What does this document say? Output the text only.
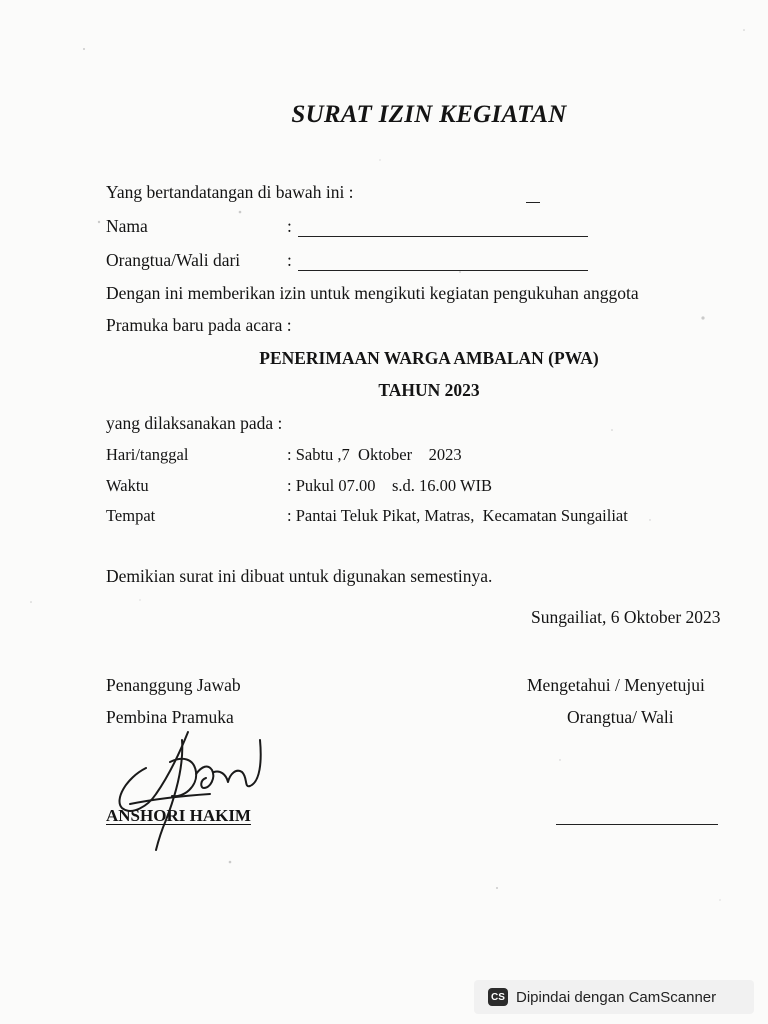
SURAT IZIN KEGIATAN
Yang bertandatangan di bawah ini :
Nama	:
Orangtua/Wali dari	:
Dengan ini memberikan izin untuk mengikuti kegiatan pengukuhan anggota
Pramuka baru pada acara :
PENERIMAAN WARGA AMBALAN (PWA)
TAHUN 2023
yang dilaksanakan pada :
Hari/tanggal	: Sabtu ,7  Oktober    2023
Waktu	: Pukul 07.00    s.d. 16.00 WIB
Tempat	: Pantai Teluk Pikat, Matras,  Kecamatan Sungailiat
Demikian surat ini dibuat untuk digunakan semestinya.
Sungailiat, 6 Oktober 2023
Penanggung Jawab
Pembina Pramuka
Mengetahui / Menyetujui
Orangtua/ Wali
ANSHORI HAKIM
CS Dipindai dengan CamScanner
